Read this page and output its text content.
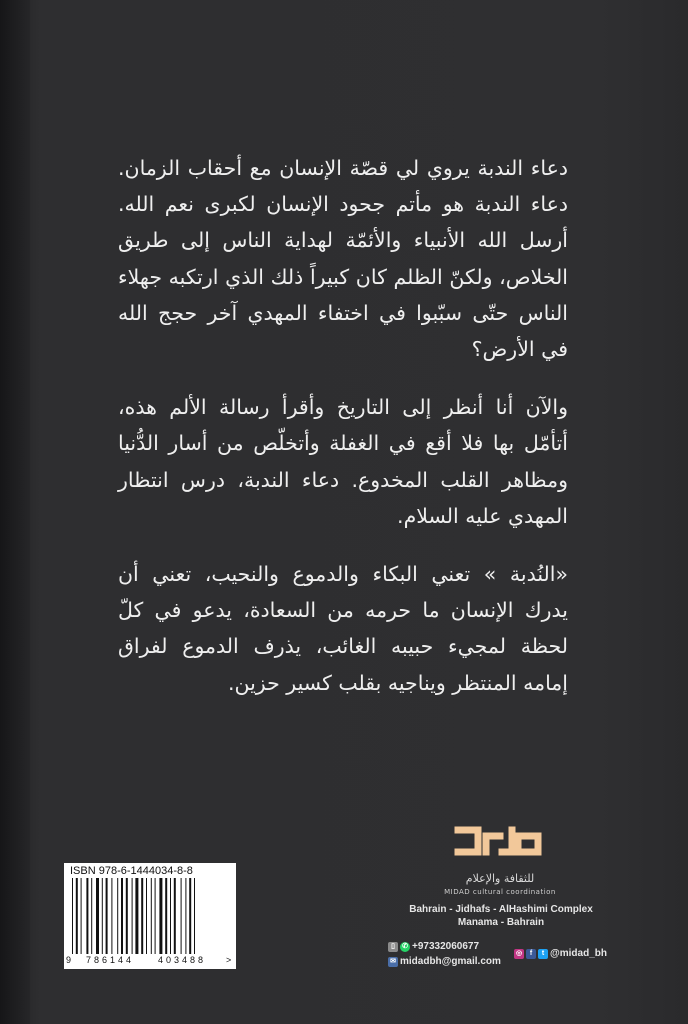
دعاء الندبة يروي لي قصّة الإنسان مع أحقاب الزمان. دعاء الندبة هو مأتم جحود الإنسان لكبرى نعم الله. أرسل الله الأنبياء والأئمّة لهداية الناس إلى طريق الخلاص، ولكنّ الظلم كان كبيراً ذلك الذي ارتكبه جهلاء الناس حتّى سبّبوا في اختفاء المهدي آخر حجج الله في الأرض؟

والآن أنا أنظر إلى التاريخ وأقرأ رسالة الألم هذه، أتأمّل بها فلا أقع في الغفلة وأتخلّص من أسار الدُّنيا ومظاهر القلب المخدوع. دعاء الندبة، درس انتظار المهدي عليه السلام.

«النُدبة » تعني البكاء والدموع والنحيب، تعني أن يدرك الإنسان ما حرمه من السعادة، يدعو في كلّ لحظة لمجيء حبيبه الغائب، يذرف الدموع لفراق إمامه المنتظر ويناجيه بقلب كسير حزين.

للثقافة والإعلام
MIDAD cultural coordination
Bahrain - Jidhafs - AlHashimi Complex
Manama - Bahrain
▯	✆ +97332060677
✉ midadbh@gmail.com
◎	f	t @midad_bh
ISBN 978-6-1444034-8-8
9 786144	403488 >
